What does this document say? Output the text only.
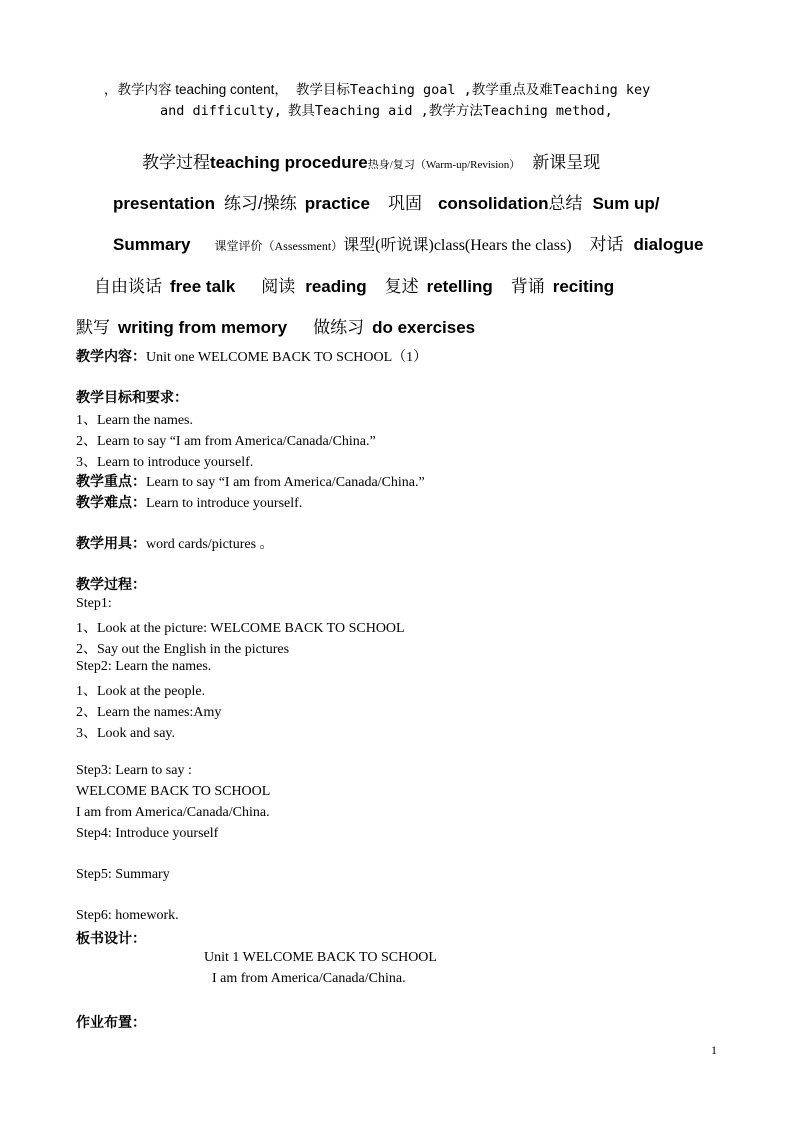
，教学内容 teaching content， 教学目标Teaching goal ,教学重点及难Teaching key
and difficulty, 教具Teaching aid ,教学方法Teaching method,
教学过程teaching procedure热身/复习（Warm-up/Revision） 新课呈现
presentation 练习/操练 practice 巩固 consolidation总结 Sum up/
Summary 课堂评价（Assessment）课型(听说课)class(Hears the class) 对话 dialogue
自由谈话 free talk 阅读 reading 复述 retelling 背诵 reciting
默写 writing from memory 做练习 do exercises
教学内容：Unit one WELCOME BACK TO SCHOOL（1）
教学目标和要求：
1、Learn the names.
2、Learn to say “I am from America/Canada/China.”
3、Learn to introduce yourself.
教学重点：Learn to say “I am from America/Canada/China.”
教学难点：Learn to introduce yourself.
教学用具：word cards/pictures 。
教学过程：
Step1:
1、Look at the picture: WELCOME BACK TO SCHOOL
2、Say out the English in the pictures
Step2: Learn the names.
1、Look at the people.
2、Learn the names:Amy
3、Look and say.
Step3: Learn to say :
WELCOME BACK TO SCHOOL
I am from America/Canada/China.
Step4: Introduce yourself
Step5: Summary
Step6: homework.
板书设计：
Unit 1 WELCOME BACK TO SCHOOL
I am from America/Canada/China.
作业布置：
1
